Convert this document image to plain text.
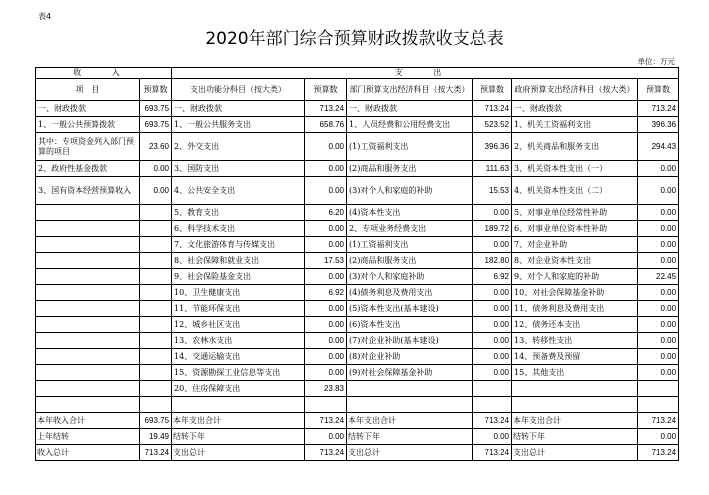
表4
2020年部门综合预算财政拨款收支总表
单位：万元
收 入		支 出					
项　目	预算数	支出功能分科目（按大类）	预算数	部门预算支出经济科目（按大类）	预算数	政府预算支出经济科目（按大类）	预算数
一、财政拨款	693.75	一、财政拨款	713.24	一、财政拨款	713.24	一、财政拨款	713.24
1、一般公共预算拨款	693.75	1、一般公共服务支出	658.76	1、人员经费和公用经费支出	523.52	1、机关工资福利支出	396.36
其中：专项资金列入部门预算的项目	23.60	2、外交支出	0.00	(1)工资福利支出	396.36	2、机关商品和服务支出	294.43
2、政府性基金拨款	0.00	3、国防支出	0.00	(2)商品和服务支出	111.63	3、机关资本性支出（一）	0.00
3、国有资本经营预算收入	0.00	4、公共安全支出	0.00	(3)对个人和家庭的补助	15.53	4、机关资本性支出（二）	0.00
		5、教育支出	6.20	(4)资本性支出	0.00	5、对事业单位经常性补助	0.00
		6、科学技术支出	0.00	2、专项业务经费支出	189.72	6、对事业单位资本性补助	0.00
		7、文化旅游体育与传媒支出	0.00	(1)工资福利支出	0.00	7、对企业补助	0.00
		8、社会保障和就业支出	17.53	(2)商品和服务支出	182.80	8、对企业资本性支出	0.00
		9、社会保险基金支出	0.00	(3)对个人和家庭补助	6.92	9、对个人和家庭的补助	22.45
		10、卫生健康支出	6.92	(4)债务利息及费用支出	0.00	10、对社会保障基金补助	0.00
		11、节能环保支出	0.00	(5)资本性支出(基本建设)	0.00	11、债务利息及费用支出	0.00
		12、城乡社区支出	0.00	(6)资本性支出	0.00	12、债务还本支出	0.00
		13、农林水支出	0.00	(7)对企业补助(基本建设)	0.00	13、转移性支出	0.00
		14、交通运输支出	0.00	(8)对企业补助	0.00	14、预备费及预留	0.00
		15、资源勘探工业信息等支出	0.00	(9)对社会保障基金补助	0.00	15、其他支出	0.00
		20、住房保障支出	23.83				

本年收入合计	693.75	本年支出合计	713.24	本年支出合计	713.24	本年支出合计	713.24
上年结转	19.49	结转下年	0.00	结转下年	0.00	结转下年	0.00
收入总计	713.24	支出总计	713.24	支出总计	713.24	支出总计	713.24
